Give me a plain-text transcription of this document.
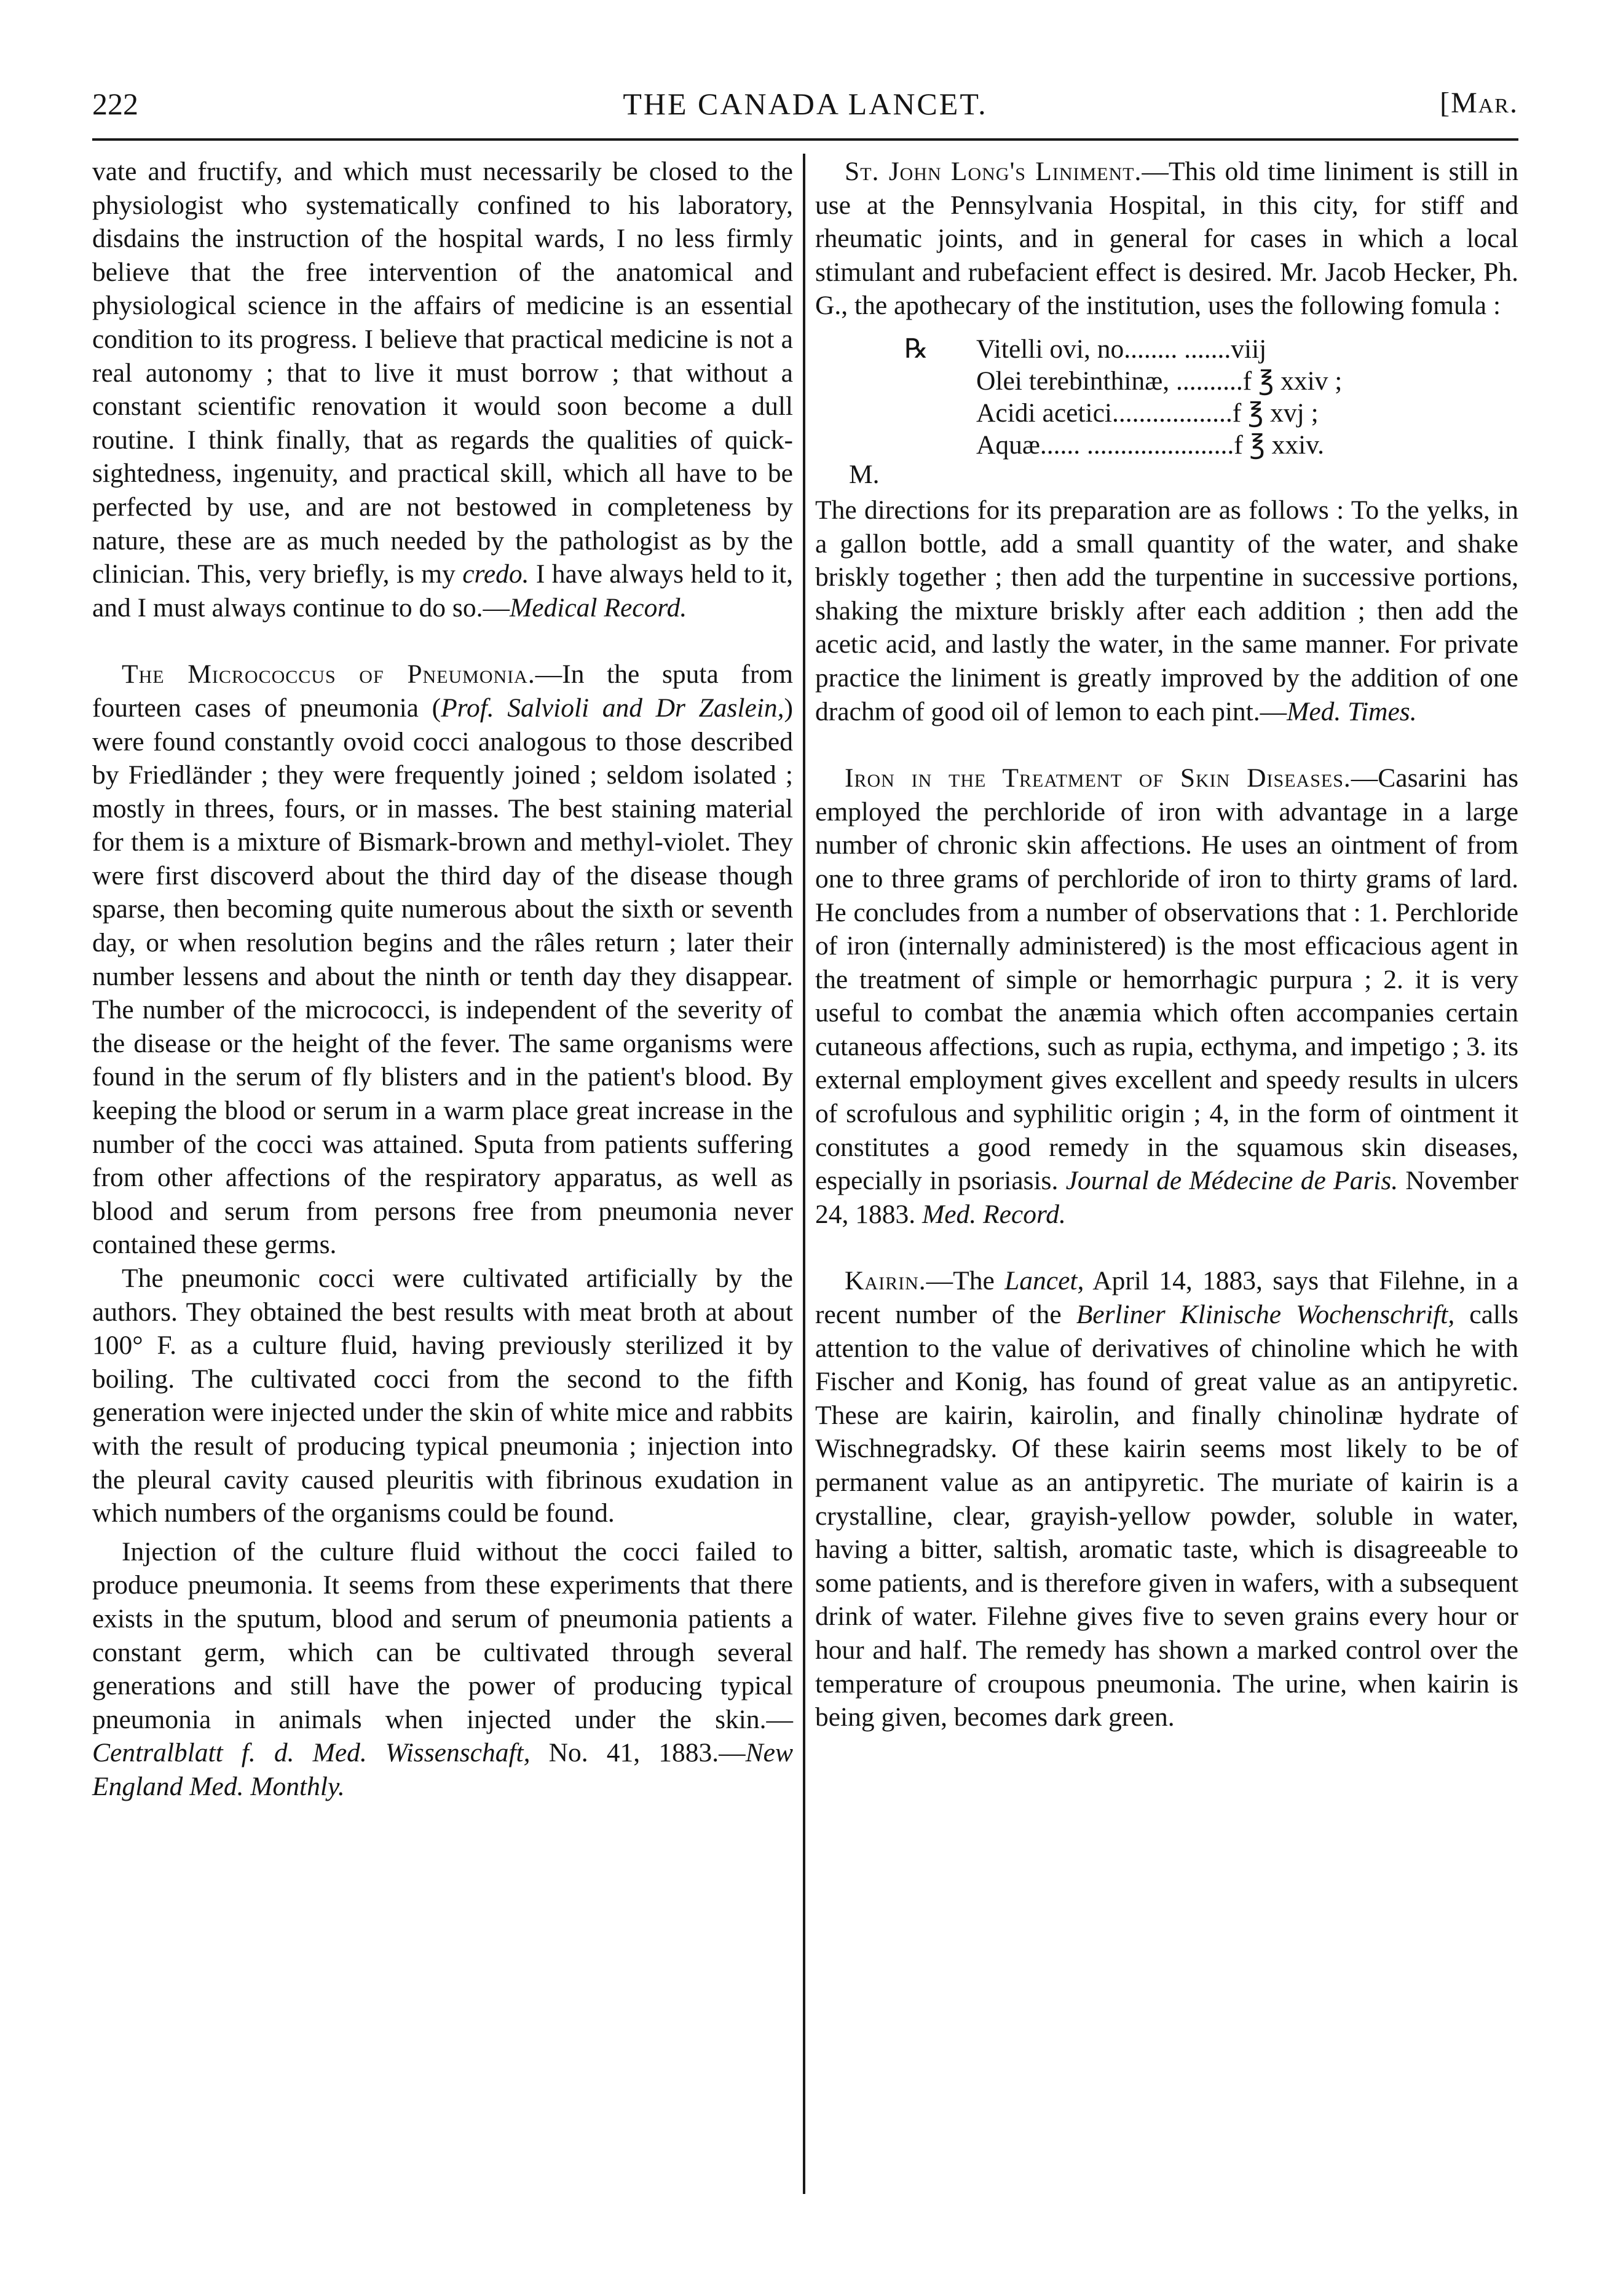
222	THE CANADA LANCET.	[Mar.

vate and fructify, and which must necessarily be closed to the physiologist who systematically confined to his laboratory, disdains the instruction of the hospital wards, I no less firmly believe that the free intervention of the anatomical and physiological science in the affairs of medicine is an essential condition to its progress. I believe that practical medicine is not a real autonomy ; that to live it must borrow ; that without a constant scientific renovation it would soon become a dull routine. I think finally, that as regards the qualities of quick-sightedness, ingenuity, and practical skill, which all have to be perfected by use, and are not bestowed in completeness by nature, these are as much needed by the pathologist as by the clinician. This, very briefly, is my credo. I have always held to it, and I must always continue to do so.—Medical Record.

The Micrococcus of Pneumonia.—In the sputa from fourteen cases of pneumonia (Prof. Salvioli and Dr Zaslein,) were found constantly ovoid cocci analogous to those described by Friedländer ; they were frequently joined ; seldom isolated ; mostly in threes, fours, or in masses. The best staining material for them is a mixture of Bismark-brown and methyl-violet. They were first discoverd about the third day of the disease though sparse, then becoming quite numerous about the sixth or seventh day, or when resolution begins and the râles return ; later their number lessens and about the ninth or tenth day they disappear. The number of the micrococci, is independent of the severity of the disease or the height of the fever. The same organisms were found in the serum of fly blisters and in the patient's blood. By keeping the blood or serum in a warm place great increase in the number of the cocci was attained. Sputa from patients suffering from other affections of the respiratory apparatus, as well as blood and serum from persons free from pneumonia never contained these germs.

The pneumonic cocci were cultivated artificially by the authors. They obtained the best results with meat broth at about 100° F. as a culture fluid, having previously sterilized it by boiling. The cultivated cocci from the second to the fifth generation were injected under the skin of white mice and rabbits with the result of producing typical pneumonia ; injection into the pleural cavity caused pleuritis with fibrinous exudation in which numbers of the organisms could be found.

Injection of the culture fluid without the cocci failed to produce pneumonia. It seems from these experiments that there exists in the sputum, blood and serum of pneumonia patients a constant germ, which can be cultivated through several generations and still have the power of producing typical pneumonia in animals when injected under the skin.—Centralblatt f. d. Med. Wissenschaft, No. 41, 1883.—New England Med. Monthly.

St. John Long's Liniment.—This old time liniment is still in use at the Pennsylvania Hospital, in this city, for stiff and rheumatic joints, and in general for cases in which a local stimulant and rubefacient effect is desired. Mr. Jacob Hecker, Ph. G., the apothecary of the institution, uses the following fomula :

℞ Vitelli ovi, no........ .......viij
Olei terebinthinæ, ..........f ℥ xxiv ;
Acidi acetici..................f ℥ xvj ;
Aquæ...... ......................f ℥ xxiv.
M.

The directions for its preparation are as follows : To the yelks, in a gallon bottle, add a small quantity of the water, and shake briskly together ; then add the turpentine in successive portions, shaking the mixture briskly after each addition ; then add the acetic acid, and lastly the water, in the same manner. For private practice the liniment is greatly improved by the addition of one drachm of good oil of lemon to each pint.—Med. Times.

Iron in the Treatment of Skin Diseases.—Casarini has employed the perchloride of iron with advantage in a large number of chronic skin affections. He uses an ointment of from one to three grams of perchloride of iron to thirty grams of lard. He concludes from a number of observations that : 1. Perchloride of iron (internally administered) is the most efficacious agent in the treatment of simple or hemorrhagic purpura ; 2. it is very useful to combat the anæmia which often accompanies certain cutaneous affections, such as rupia, ecthyma, and impetigo ; 3. its external employment gives excellent and speedy results in ulcers of scrofulous and syphilitic origin ; 4, in the form of ointment it constitutes a good remedy in the squamous skin diseases, especially in psoriasis. Journal de Médecine de Paris. November 24, 1883. Med. Record.

Kairin.—The Lancet, April 14, 1883, says that Filehne, in a recent number of the Berliner Klinische Wochenschrift, calls attention to the value of derivatives of chinoline which he with Fischer and Konig, has found of great value as an antipyretic. These are kairin, kairolin, and finally chinolinæ hydrate of Wischnegradsky. Of these kairin seems most likely to be of permanent value as an antipyretic. The muriate of kairin is a crystalline, clear, grayish-yellow powder, soluble in water, having a bitter, saltish, aromatic taste, which is disagreeable to some patients, and is therefore given in wafers, with a subsequent drink of water. Filehne gives five to seven grains every hour or hour and half. The remedy has shown a marked control over the temperature of croupous pneumonia. The urine, when kairin is being given, becomes dark green.
